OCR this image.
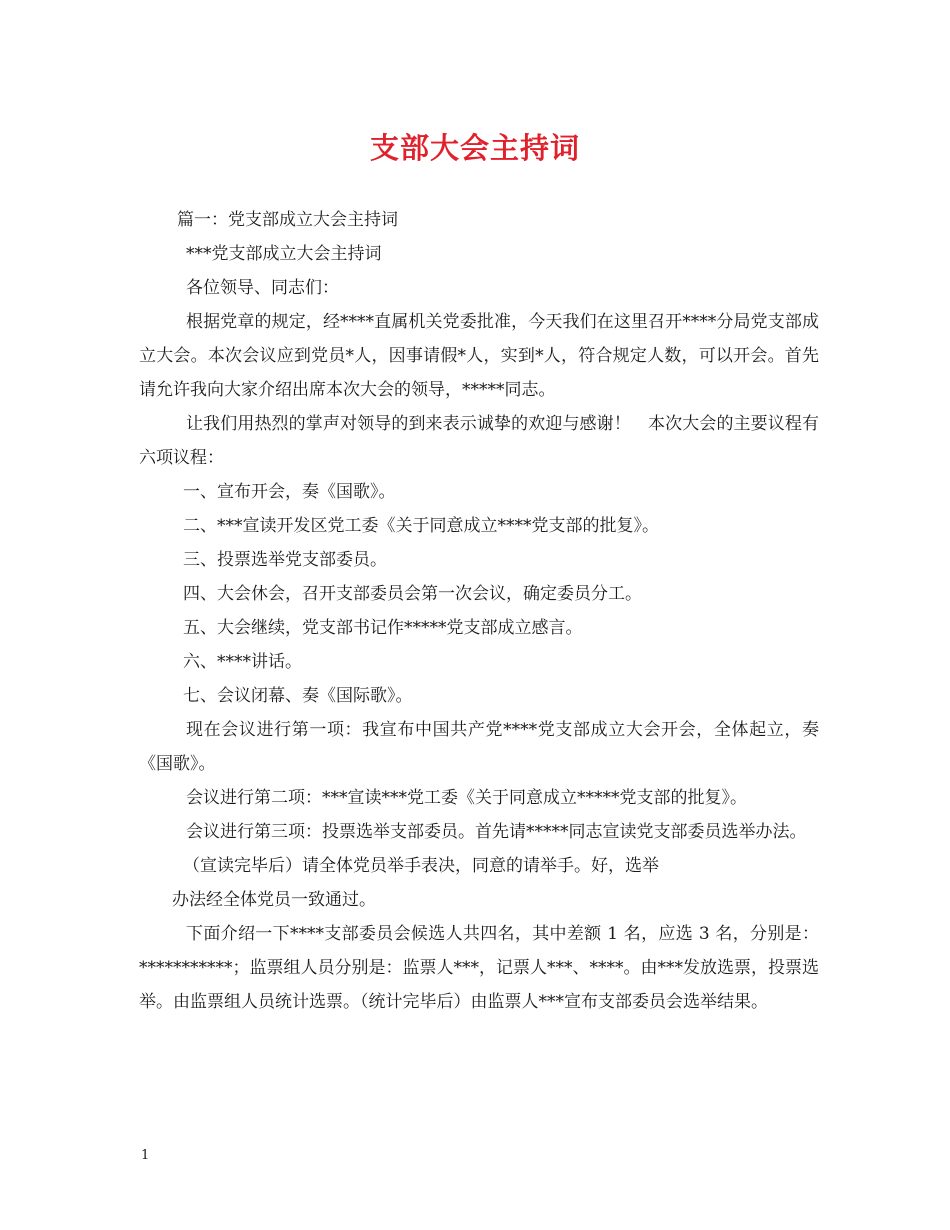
支部大会主持词

篇一：党支部成立大会主持词

***党支部成立大会主持词

各位领导、同志们：

根据党章的规定，经****直属机关党委批准，今天我们在这里召开****分局党支部成立大会。本次会议应到党员*人，因事请假*人，实到*人，符合规定人数，可以开会。首先请允许我向大家介绍出席本次大会的领导，*****同志。

让我们用热烈的掌声对领导的到来表示诚挚的欢迎与感谢！　本次大会的主要议程有六项议程：

一、宣布开会，奏《国歌》。

二、***宣读开发区党工委《关于同意成立****党支部的批复》。

三、投票选举党支部委员。

四、大会休会，召开支部委员会第一次会议，确定委员分工。

五、大会继续，党支部书记作*****党支部成立感言。

六、****讲话。

七、会议闭幕、奏《国际歌》。

现在会议进行第一项：我宣布中国共产党****党支部成立大会开会，全体起立，奏《国歌》。

会议进行第二项：***宣读***党工委《关于同意成立*****党支部的批复》。

会议进行第三项：投票选举支部委员。首先请*****同志宣读党支部委员选举办法。

（宣读完毕后）请全体党员举手表决，同意的请举手。好，选举

办法经全体党员一致通过。

下面介绍一下****支部委员会候选人共四名，其中差额 1 名，应选 3 名，分别是：***********；监票组人员分别是：监票人***，记票人***、****。由***发放选票，投票选举。由监票组人员统计选票。（统计完毕后）由监票人***宣布支部委员会选举结果。

1
